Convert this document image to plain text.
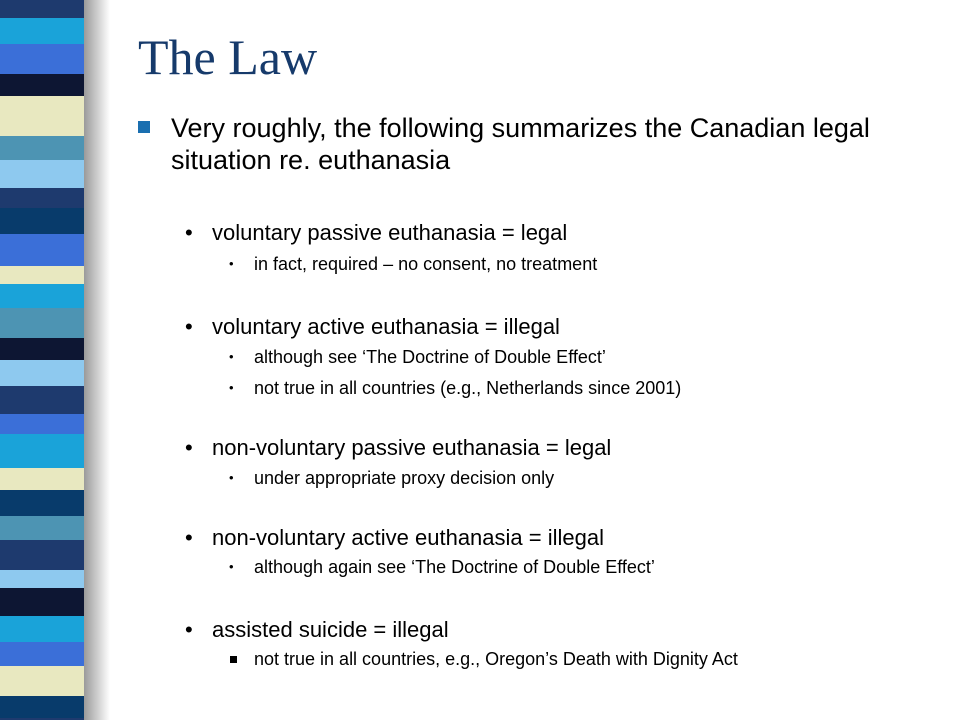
The Law
Very roughly, the following summarizes the Canadian legal situation re. euthanasia
• voluntary passive euthanasia = legal
• in fact, required – no consent, no treatment
• voluntary active euthanasia = illegal
• although see ‘The Doctrine of Double Effect’
• not true in all countries (e.g., Netherlands since 2001)
• non-voluntary passive euthanasia = legal
• under appropriate proxy decision only
• non-voluntary active euthanasia = illegal
• although again see ‘The Doctrine of Double Effect’
• assisted suicide = illegal
not true in all countries, e.g., Oregon’s Death with Dignity Act
